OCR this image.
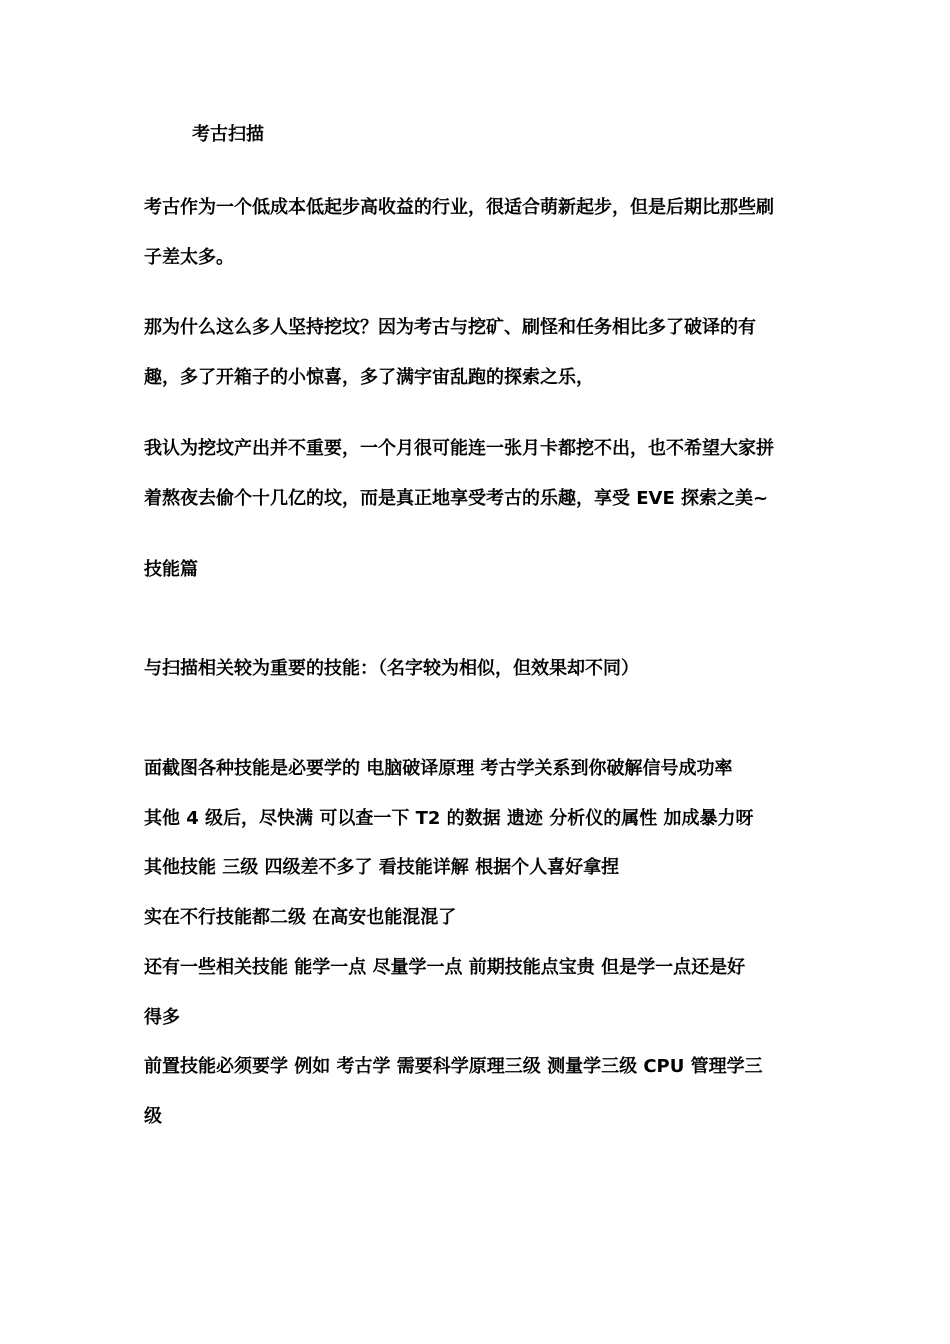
考古扫描
考古作为一个低成本低起步高收益的行业，很适合萌新起步，但是后期比那些刷
子差太多。
那为什么这么多人坚持挖坟？因为考古与挖矿、刷怪和任务相比多了破译的有
趣，多了开箱子的小惊喜，多了满宇宙乱跑的探索之乐，
我认为挖坟产出并不重要，一个月很可能连一张月卡都挖不出，也不希望大家拼
着熬夜去偷个十几亿的坟，而是真正地享受考古的乐趣，享受 EVE 探索之美~
技能篇
与扫描相关较为重要的技能：（名字较为相似，但效果却不同）
面截图各种技能是必要学的 电脑破译原理 考古学关系到你破解信号成功率
其他 4 级后，尽快满 可以查一下 T2 的数据 遗迹 分析仪的属性 加成暴力呀
其他技能 三级 四级差不多了 看技能详解 根据个人喜好拿捏
实在不行技能都二级 在高安也能混混了
还有一些相关技能 能学一点 尽量学一点 前期技能点宝贵 但是学一点还是好
得多
前置技能必须要学 例如 考古学 需要科学原理三级 测量学三级 CPU 管理学三
级
